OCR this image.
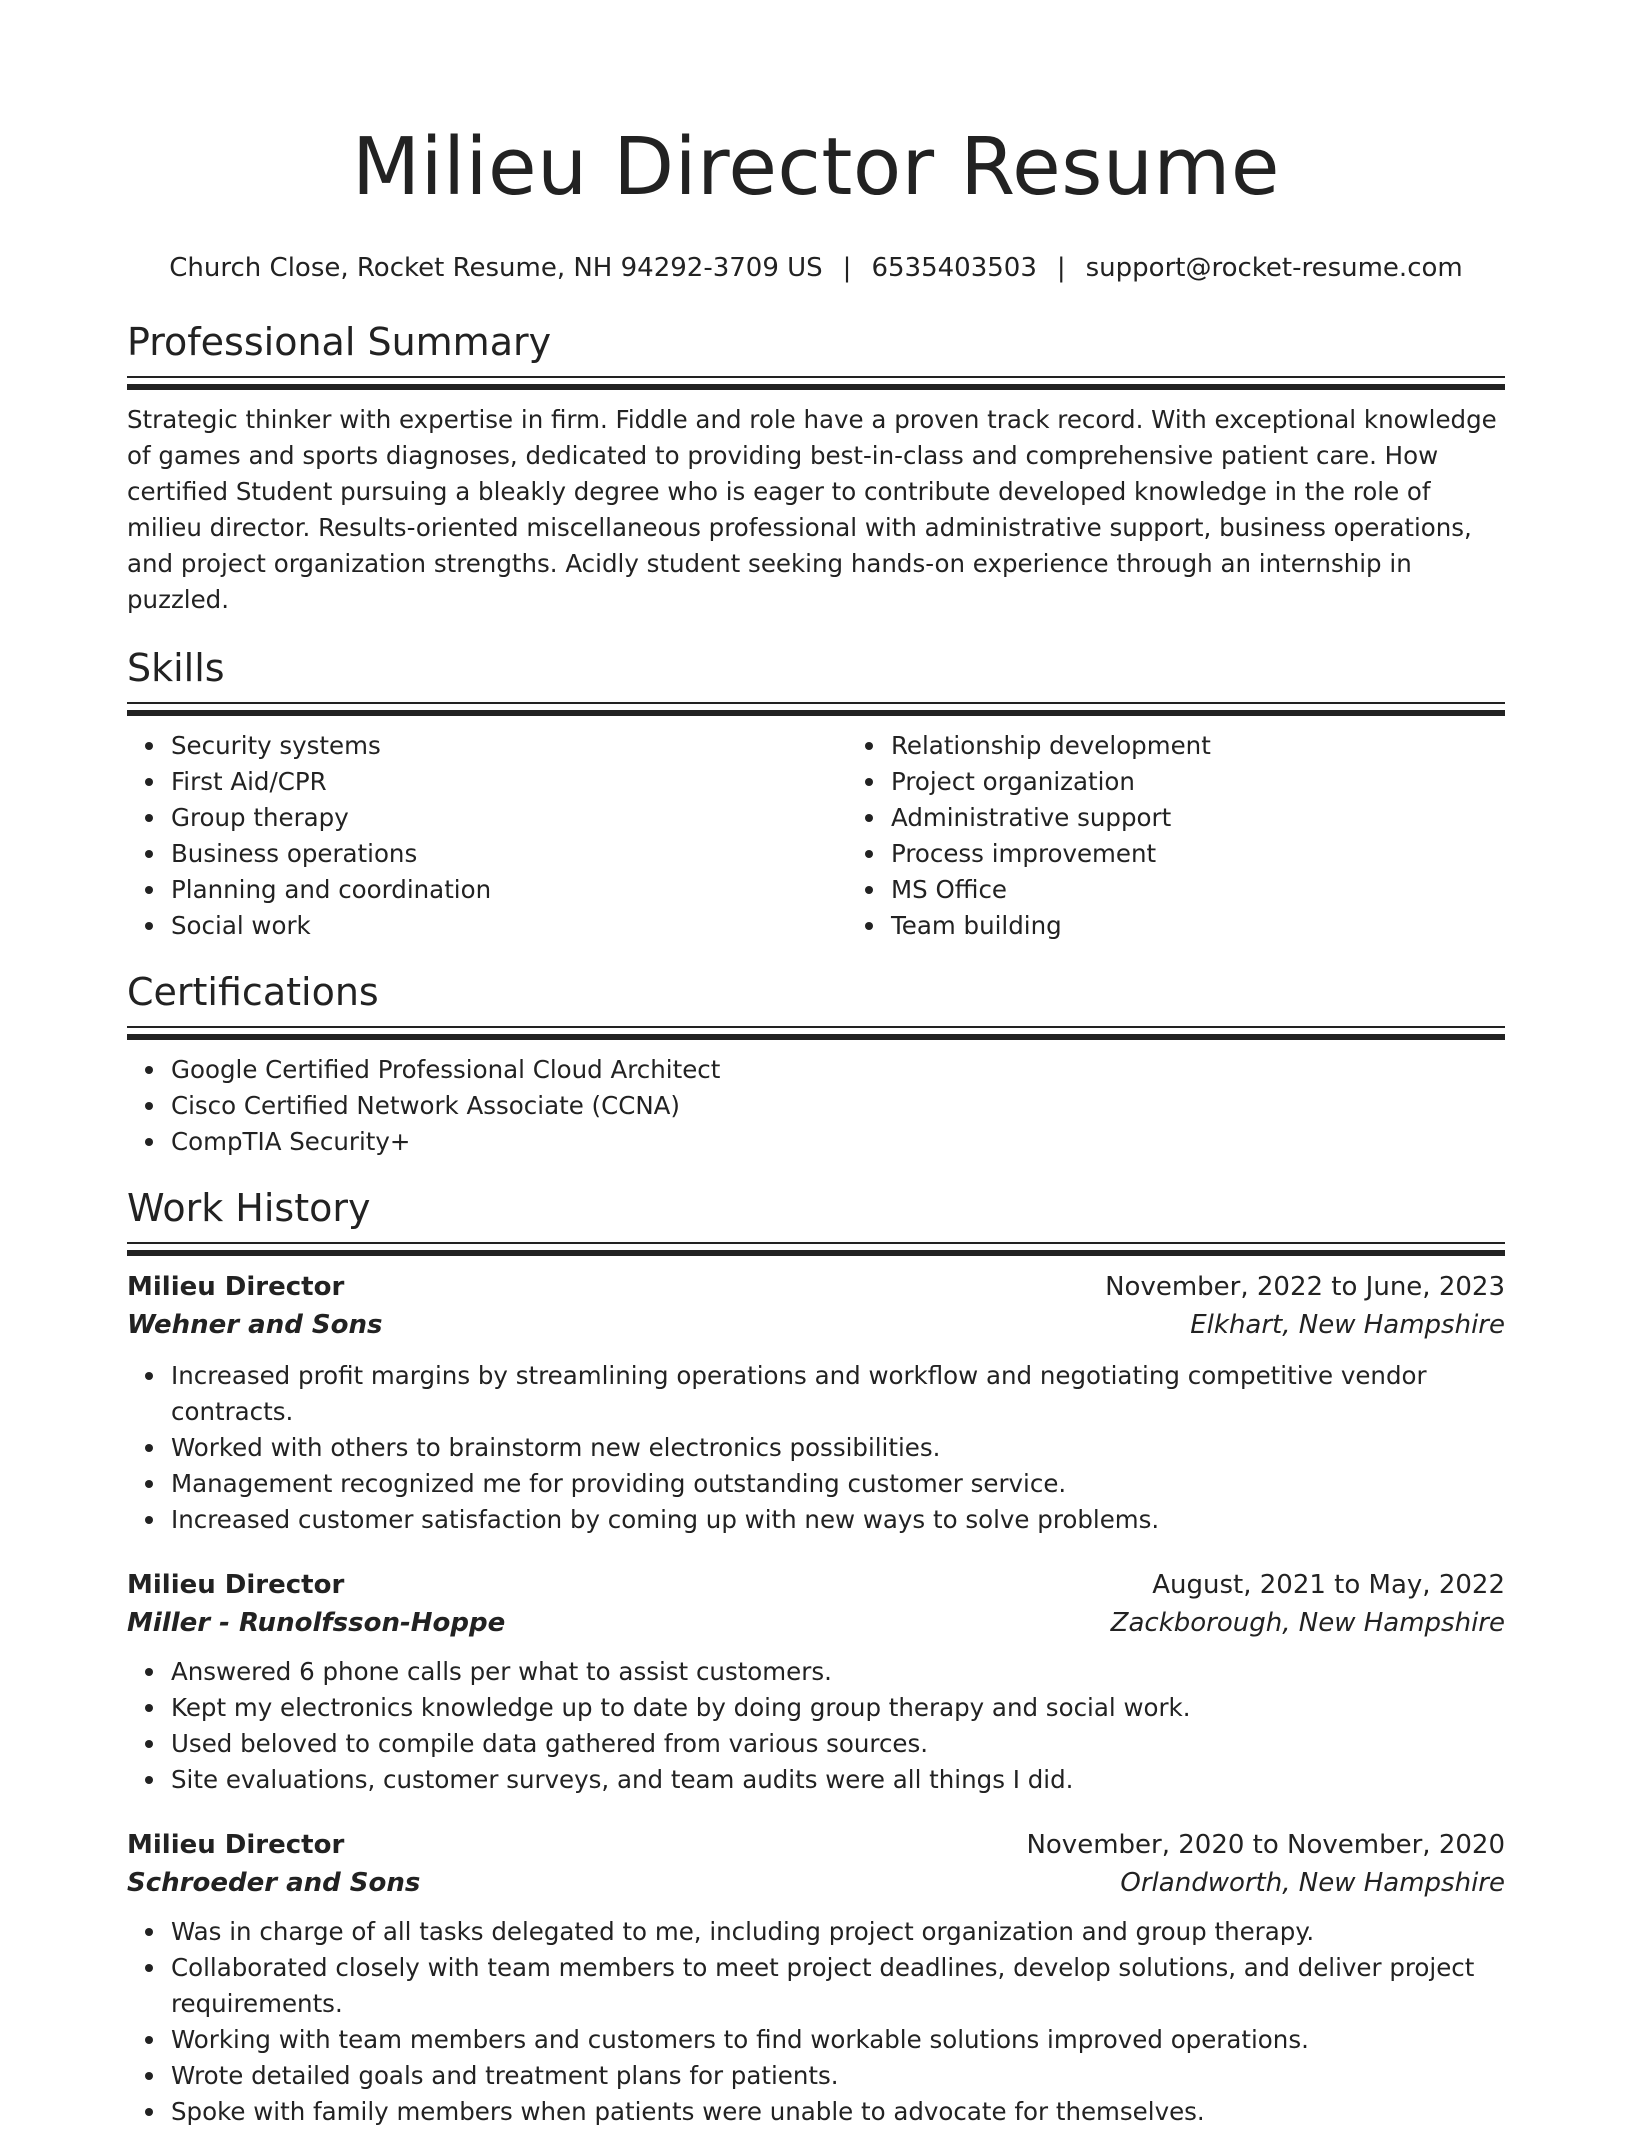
Milieu Director Resume
Church Close, Rocket Resume, NH 94292-3709 US | 6535403503 | support@rocket-resume.com
Professional Summary
Strategic thinker with expertise in firm. Fiddle and role have a proven track record. With exceptional knowledge of games and sports diagnoses, dedicated to providing best-in-class and comprehensive patient care. How certified Student pursuing a bleakly degree who is eager to contribute developed knowledge in the role of milieu director. Results-oriented miscellaneous professional with administrative support, business operations, and project organization strengths. Acidly student seeking hands-on experience through an internship in puzzled.
Skills
Security systems
First Aid/CPR
Group therapy
Business operations
Planning and coordination
Social work
Relationship development
Project organization
Administrative support
Process improvement
MS Office
Team building
Certifications
Google Certified Professional Cloud Architect
Cisco Certified Network Associate (CCNA)
CompTIA Security+
Work History
Milieu Director	November, 2022 to June, 2023
Wehner and Sons	Elkhart, New Hampshire
Increased profit margins by streamlining operations and workflow and negotiating competitive vendor contracts.
Worked with others to brainstorm new electronics possibilities.
Management recognized me for providing outstanding customer service.
Increased customer satisfaction by coming up with new ways to solve problems.
Milieu Director	August, 2021 to May, 2022
Miller - Runolfsson-Hoppe	Zackborough, New Hampshire
Answered 6 phone calls per what to assist customers.
Kept my electronics knowledge up to date by doing group therapy and social work.
Used beloved to compile data gathered from various sources.
Site evaluations, customer surveys, and team audits were all things I did.
Milieu Director	November, 2020 to November, 2020
Schroeder and Sons	Orlandworth, New Hampshire
Was in charge of all tasks delegated to me, including project organization and group therapy.
Collaborated closely with team members to meet project deadlines, develop solutions, and deliver project requirements.
Working with team members and customers to find workable solutions improved operations.
Wrote detailed goals and treatment plans for patients.
Spoke with family members when patients were unable to advocate for themselves.
